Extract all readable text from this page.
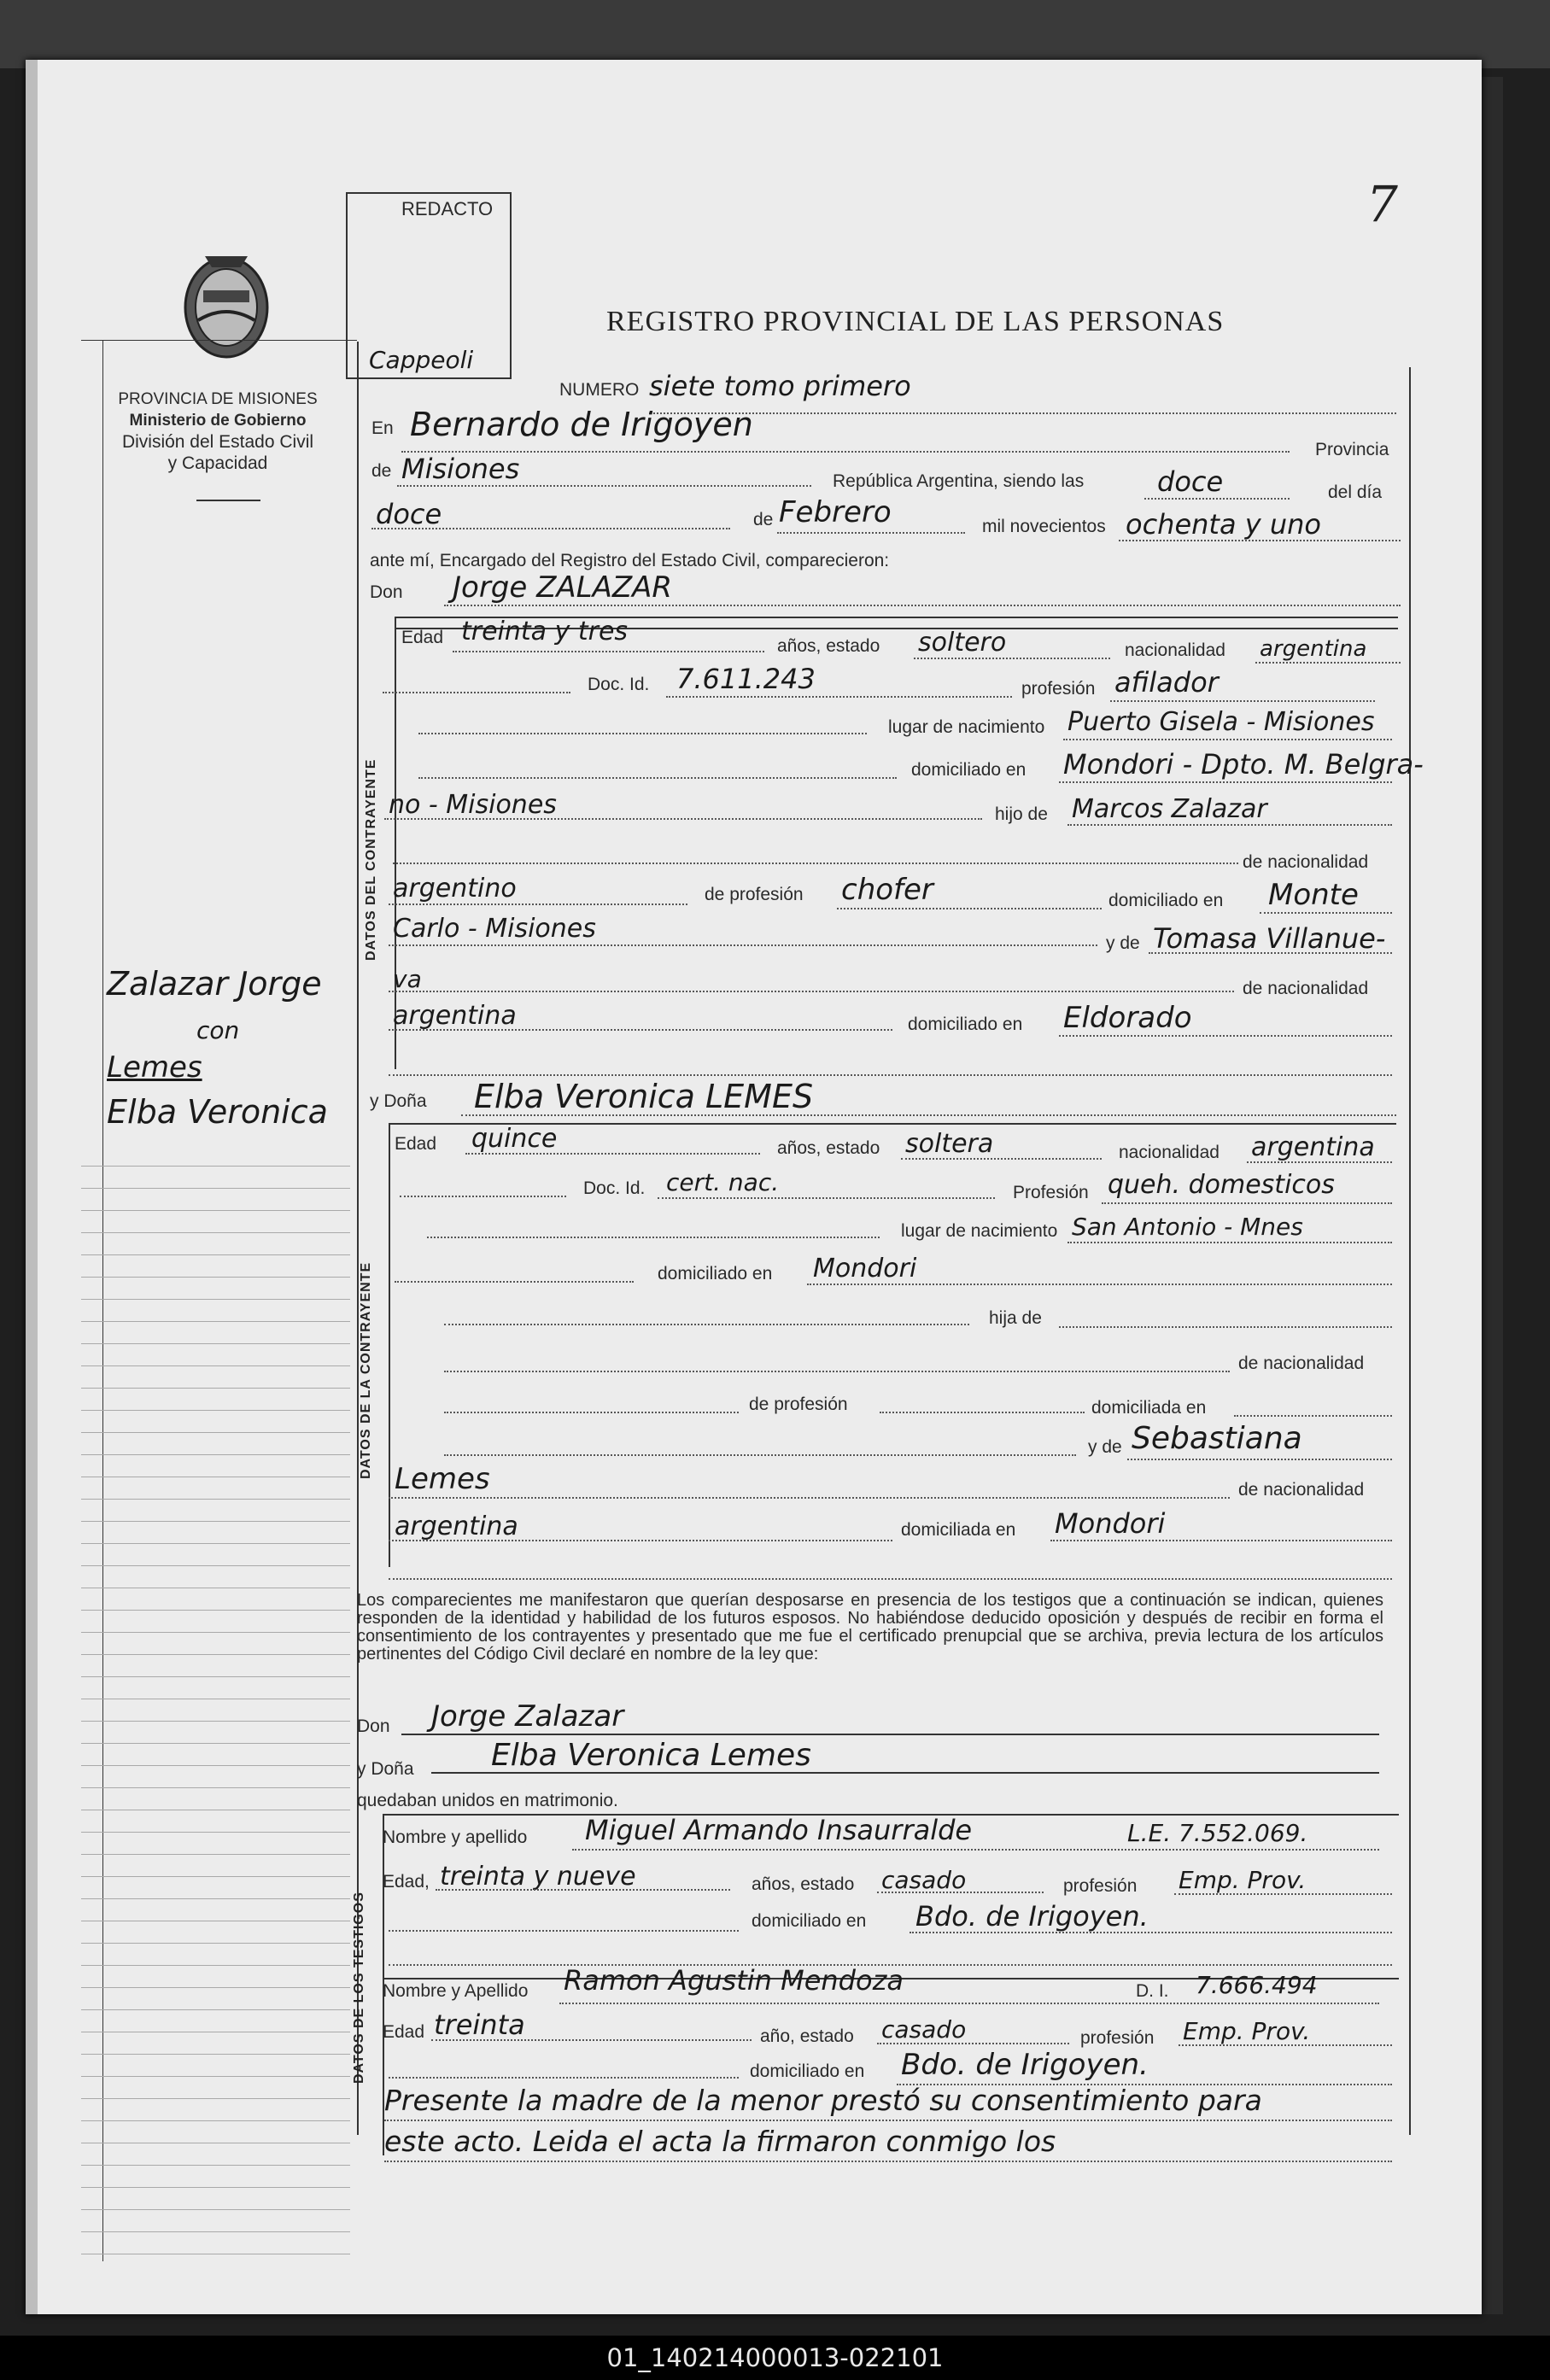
7
REDACTO
Cappeoli
REGISTRO PROVINCIAL DE LAS PERSONAS
PROVINCIA DE MISIONES
Ministerio de Gobierno
División del Estado Civil
y Capacidad
Zalazar Jorge
con
Lemes
Elba Veronica
NUMERO siete tomo primero
En Bernardo de Irigoyen
Provincia
de Misiones	República Argentina, siendo las	doce	del día
doce	de Febrero	mil novecientos ochenta y uno
ante mí, Encargado del Registro del Estado Civil, comparecieron:
Don Jorge ZALAZAR
DATOS DEL CONTRAYENTE
Edad treinta y tres	años, estado soltero	nacionalidad argentina
Doc. Id. 7.611.243	profesión afilador
lugar de nacimiento Puerto Gisela - Misiones
domiciliado en Mondori - Dpto. M. Belgra-
no - Misiones	hijo de Marcos Zalazar
de nacionalidad
argentino	de profesión chofer	domiciliado en Monte
Carlo - Misiones	y de Tomasa Villanue-
va	de nacionalidad
argentina	domiciliado en Eldorado
y Doña Elba Veronica LEMES
DATOS DE LA CONTRAYENTE
Edad quince	años, estado soltera	nacionalidad argentina
Doc. Id. cert. nac.	Profesión queh. domesticos
lugar de nacimiento San Antonio - Mnes
domiciliado en Mondori
hija de
de nacionalidad
de profesión	domiciliada en
y de Sebastiana
Lemes	de nacionalidad
argentina	domiciliada en Mondori
Los comparecientes me manifestaron que querían desposarse en presencia de los testigos que a continuación se indican, quienes responden de la identidad y habilidad de los futuros esposos. No habiéndose deducido oposición y después de recibir en forma el consentimiento de los contrayentes y presentado que me fue el certificado prenupcial que se archiva, previa lectura de los artículos pertinentes del Código Civil declaré en nombre de la ley que:
Don Jorge Zalazar
y Doña	Elba Veronica Lemes
quedaban unidos en matrimonio.
DATOS DE LOS TESTIGOS
Nombre y apellido Miguel Armando Insaurralde	L.E. 7.552.069.
Edad, treinta y nueve	años, estado casado	profesión Emp. Prov.
domiciliado en Bdo. de Irigoyen.
Nombre y Apellido Ramon Agustin Mendoza	D. I. 7.666.494
Edad treinta	año, estado casado	profesión Emp. Prov.
domiciliado en Bdo. de Irigoyen.
Presente la madre de la menor prestó su consentimiento para
este acto. Leida el acta la firmaron conmigo los
01_140214000013-022101
